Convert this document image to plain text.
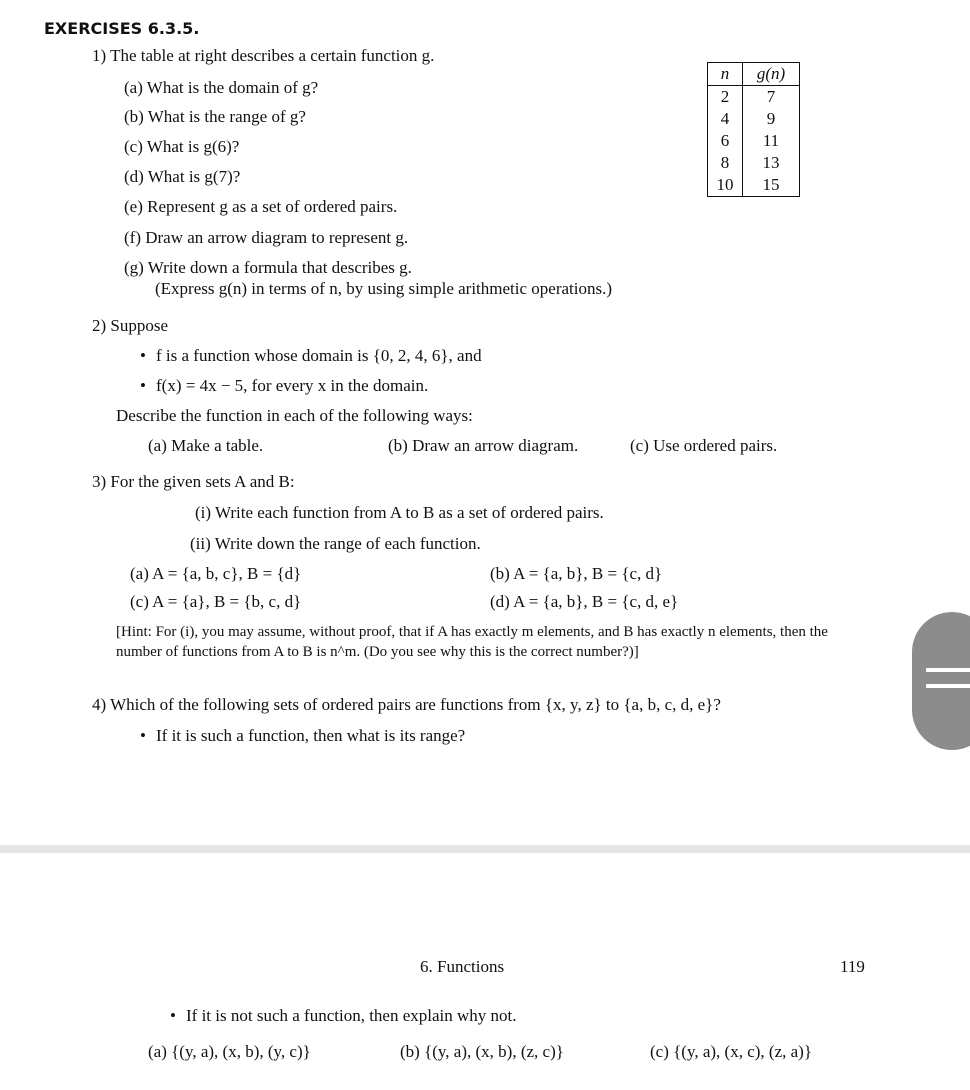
EXERCISES 6.3.5.
1) The table at right describes a certain function g.
(a) What is the domain of g?
(b) What is the range of g?
(c) What is g(6)?
(d) What is g(7)?
(e) Represent g as a set of ordered pairs.
(f) Draw an arrow diagram to represent g.
(g) Write down a formula that describes g.
(Express g(n) in terms of n, by using simple arithmetic operations.)
n	g(n)
2	7
4	9
6	11
8	13
10	15
2) Suppose
• f is a function whose domain is {0, 2, 4, 6}, and
• f(x) = 4x − 5, for every x in the domain.
Describe the function in each of the following ways:
(a) Make a table.	(b) Draw an arrow diagram.	(c) Use ordered pairs.
3) For the given sets A and B:
(i) Write each function from A to B as a set of ordered pairs.
(ii) Write down the range of each function.
(a) A = {a, b, c}, B = {d}	(b) A = {a, b}, B = {c, d}
(c) A = {a}, B = {b, c, d}	(d) A = {a, b}, B = {c, d, e}
[Hint: For (i), you may assume, without proof, that if A has exactly m elements, and B has exactly n elements, then the number of functions from A to B is n^m. (Do you see why this is the correct number?)]
4) Which of the following sets of ordered pairs are functions from {x, y, z} to {a, b, c, d, e}?
• If it is such a function, then what is its range?
6. Functions	119
• If it is not such a function, then explain why not.
(a) {(y, a), (x, b), (y, c)}	(b) {(y, a), (x, b), (z, c)}	(c) {(y, a), (x, c), (z, a)}
